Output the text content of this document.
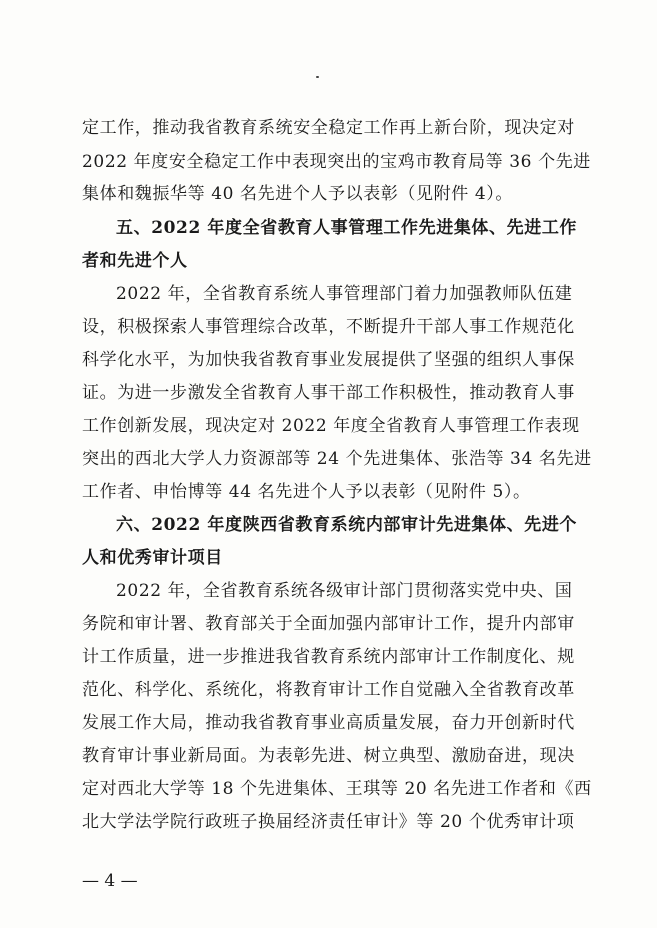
定工作，推动我省教育系统安全稳定工作再上新台阶，现决定对
2022 年度安全稳定工作中表现突出的宝鸡市教育局等 36 个先进
集体和魏振华等 40 名先进个人予以表彰（见附件 4）。
五、2022 年度全省教育人事管理工作先进集体、先进工作
者和先进个人
2022 年，全省教育系统人事管理部门着力加强教师队伍建
设，积极探索人事管理综合改革，不断提升干部人事工作规范化
科学化水平，为加快我省教育事业发展提供了坚强的组织人事保
证。为进一步激发全省教育人事干部工作积极性，推动教育人事
工作创新发展，现决定对 2022 年度全省教育人事管理工作表现
突出的西北大学人力资源部等 24 个先进集体、张浩等 34 名先进
工作者、申怡博等 44 名先进个人予以表彰（见附件 5）。
六、2022 年度陕西省教育系统内部审计先进集体、先进个
人和优秀审计项目
2022 年，全省教育系统各级审计部门贯彻落实党中央、国
务院和审计署、教育部关于全面加强内部审计工作，提升内部审
计工作质量，进一步推进我省教育系统内部审计工作制度化、规
范化、科学化、系统化，将教育审计工作自觉融入全省教育改革
发展工作大局，推动我省教育事业高质量发展，奋力开创新时代
教育审计事业新局面。为表彰先进、树立典型、激励奋进，现决
定对西北大学等 18 个先进集体、王琪等 20 名先进工作者和《西
北大学法学院行政班子换届经济责任审计》等 20 个优秀审计项
— 4 —
